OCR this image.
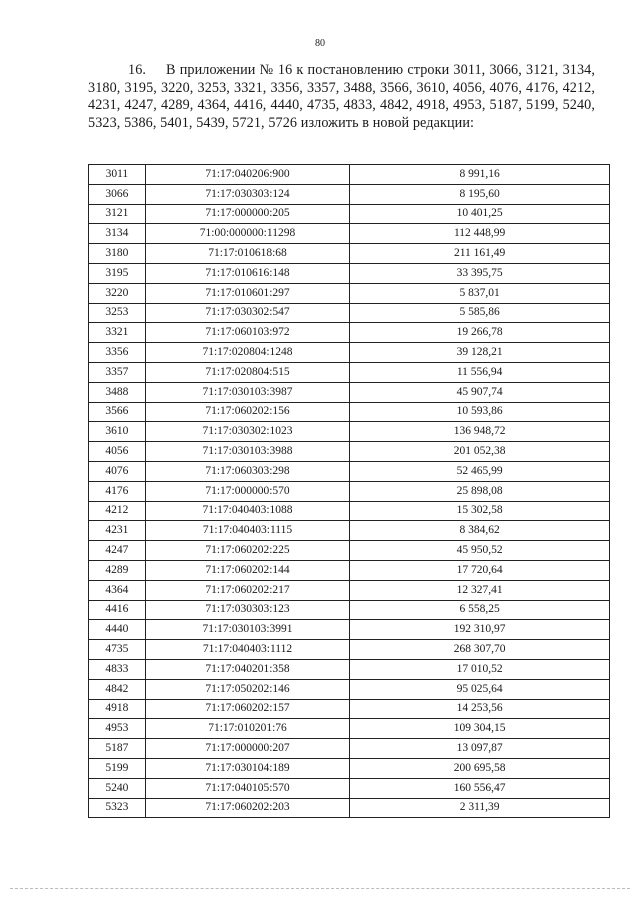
80
16. В приложении № 16 к постановлению строки 3011, 3066, 3121, 3134, 3180, 3195, 3220, 3253, 3321, 3356, 3357, 3488, 3566, 3610, 4056, 4076, 4176, 4212, 4231, 4247, 4289, 4364, 4416, 4440, 4735, 4833, 4842, 4918, 4953, 5187, 5199, 5240, 5323, 5386, 5401, 5439, 5721, 5726 изложить в новой редакции:
3011	71:17:040206:900	8 991,16
3066	71:17:030303:124	8 195,60
3121	71:17:000000:205	10 401,25
3134	71:00:000000:11298	112 448,99
3180	71:17:010618:68	211 161,49
3195	71:17:010616:148	33 395,75
3220	71:17:010601:297	5 837,01
3253	71:17:030302:547	5 585,86
3321	71:17:060103:972	19 266,78
3356	71:17:020804:1248	39 128,21
3357	71:17:020804:515	11 556,94
3488	71:17:030103:3987	45 907,74
3566	71:17:060202:156	10 593,86
3610	71:17:030302:1023	136 948,72
4056	71:17:030103:3988	201 052,38
4076	71:17:060303:298	52 465,99
4176	71:17:000000:570	25 898,08
4212	71:17:040403:1088	15 302,58
4231	71:17:040403:1115	8 384,62
4247	71:17:060202:225	45 950,52
4289	71:17:060202:144	17 720,64
4364	71:17:060202:217	12 327,41
4416	71:17:030303:123	6 558,25
4440	71:17:030103:3991	192 310,97
4735	71:17:040403:1112	268 307,70
4833	71:17:040201:358	17 010,52
4842	71:17:050202:146	95 025,64
4918	71:17:060202:157	14 253,56
4953	71:17:010201:76	109 304,15
5187	71:17:000000:207	13 097,87
5199	71:17:030104:189	200 695,58
5240	71:17:040105:570	160 556,47
5323	71:17:060202:203	2 311,39
